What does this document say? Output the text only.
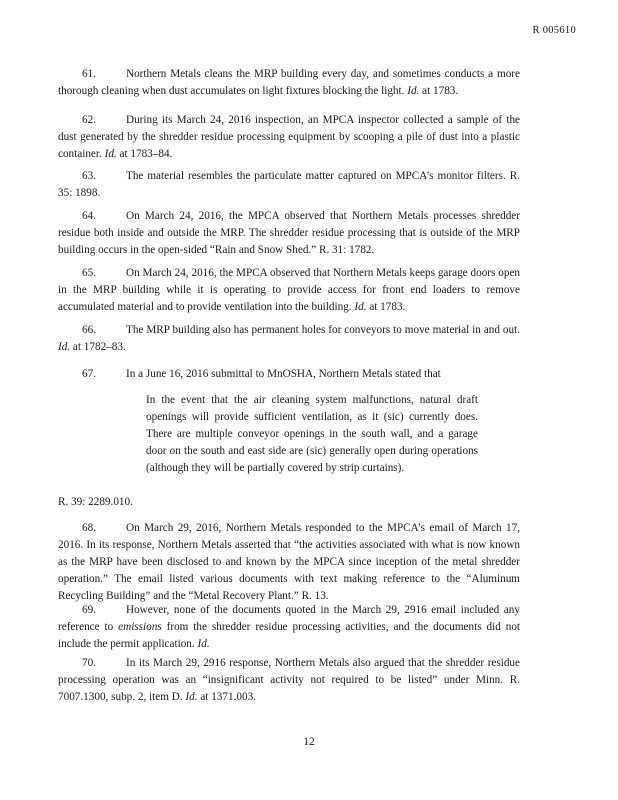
R 005610

61.	Northern Metals cleans the MRP building every day, and sometimes conducts a more thorough cleaning when dust accumulates on light fixtures blocking the light. Id. at 1783.

62.	During its March 24, 2016 inspection, an MPCA inspector collected a sample of the dust generated by the shredder residue processing equipment by scooping a pile of dust into a plastic container. Id. at 1783–84.

63.	The material resembles the particulate matter captured on MPCA’s monitor filters. R. 35: 1898.

64.	On March 24, 2016, the MPCA observed that Northern Metals processes shredder residue both inside and outside the MRP. The shredder residue processing that is outside of the MRP building occurs in the open-sided “Rain and Snow Shed.” R. 31: 1782.

65.	On March 24, 2016, the MPCA observed that Northern Metals keeps garage doors open in the MRP building while it is operating to provide access for front end loaders to remove accumulated material and to provide ventilation into the building. Id. at 1783.

66.	The MRP building also has permanent holes for conveyors to move material in and out. Id. at 1782–83.

67.	In a June 16, 2016 submittal to MnOSHA, Northern Metals stated that

In the event that the air cleaning system malfunctions, natural draft openings will provide sufficient ventilation, as it (sic) currently does. There are multiple conveyor openings in the south wall, and a garage door on the south and east side are (sic) generally open during operations (although they will be partially covered by strip curtains).

R. 39: 2289.010.

68.	On March 29, 2016, Northern Metals responded to the MPCA’s email of March 17, 2016. In its response, Northern Metals asserted that “the activities associated with what is now known as the MRP have been disclosed to and known by the MPCA since inception of the metal shredder operation.” The email listed various documents with text making reference to the “Aluminum Recycling Building” and the “Metal Recovery Plant.” R. 13.

69.	However, none of the documents quoted in the March 29, 2916 email included any reference to emissions from the shredder residue processing activities, and the documents did not include the permit application. Id.

12

70.	In its March 29, 2916 response, Northern Metals also argued that the shredder residue processing operation was an “insignificant activity not required to be listed” under Minn. R. 7007.1300, subp. 2, item D. Id. at 1371.003.
